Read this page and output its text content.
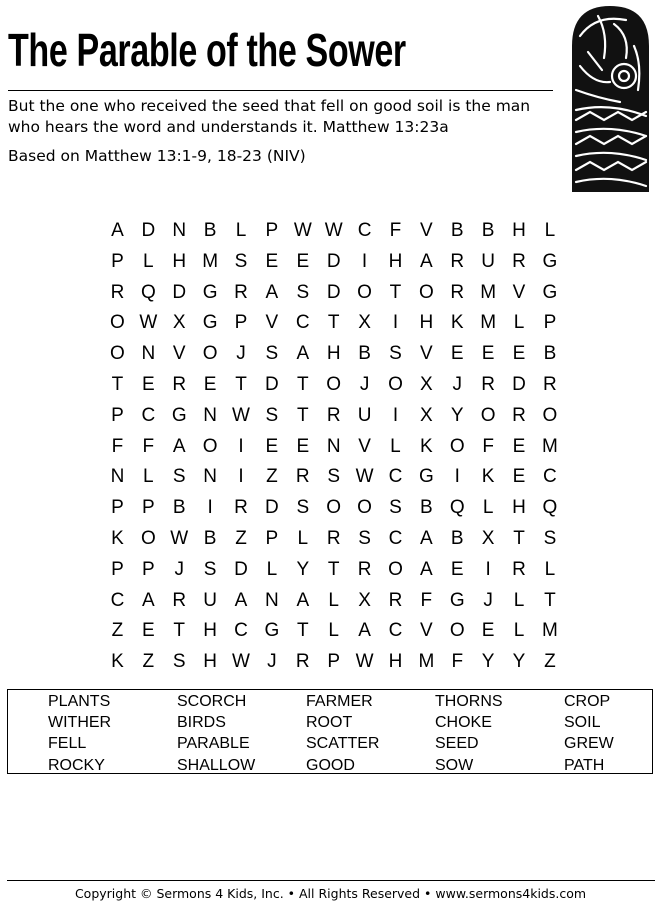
The Parable of the Sower
But the one who received the seed that fell on good soil is the man who hears the word and understands it. Matthew 13:23a
Based on Matthew 13:1-9, 18-23 (NIV)
A D N B	L	P W W C F V B B H L
P	L H M S E E D	I	H A R U R G
R Q D G R A S D O T O R M V G
O W X G P V C T X	I	H K M L	P
O N V O J	S A H B S V E E E B
T E R E T D T O J O X	J	R D R
P C G N W S T R U	I	X Y O R O
F	F A O	I	E E N V	L	K O F E M
N L	S N	I	Z R S W C G	I	K E C
P P B	I	R D S O O S B Q L H Q
K O W B Z P	L R S C A B X T S
P P	J	S D L	Y T R O A E	I	R L
C A R U A N A	L	X R F G J	L	T
Z E T H C G T	L	A C V O E	L M
K Z S H W J	R P W H M F Y Y Z
PLANTS	SCORCH	FARMER	THORNS	CROP
WITHER	BIRDS	ROOT	CHOKE	SOIL
FELL	PARABLE	SCATTER	SEED	GREW
ROCKY	SHALLOW	GOOD	SOW	PATH
Copyright © Sermons 4 Kids, Inc. • All Rights Reserved • www.sermons4kids.com
